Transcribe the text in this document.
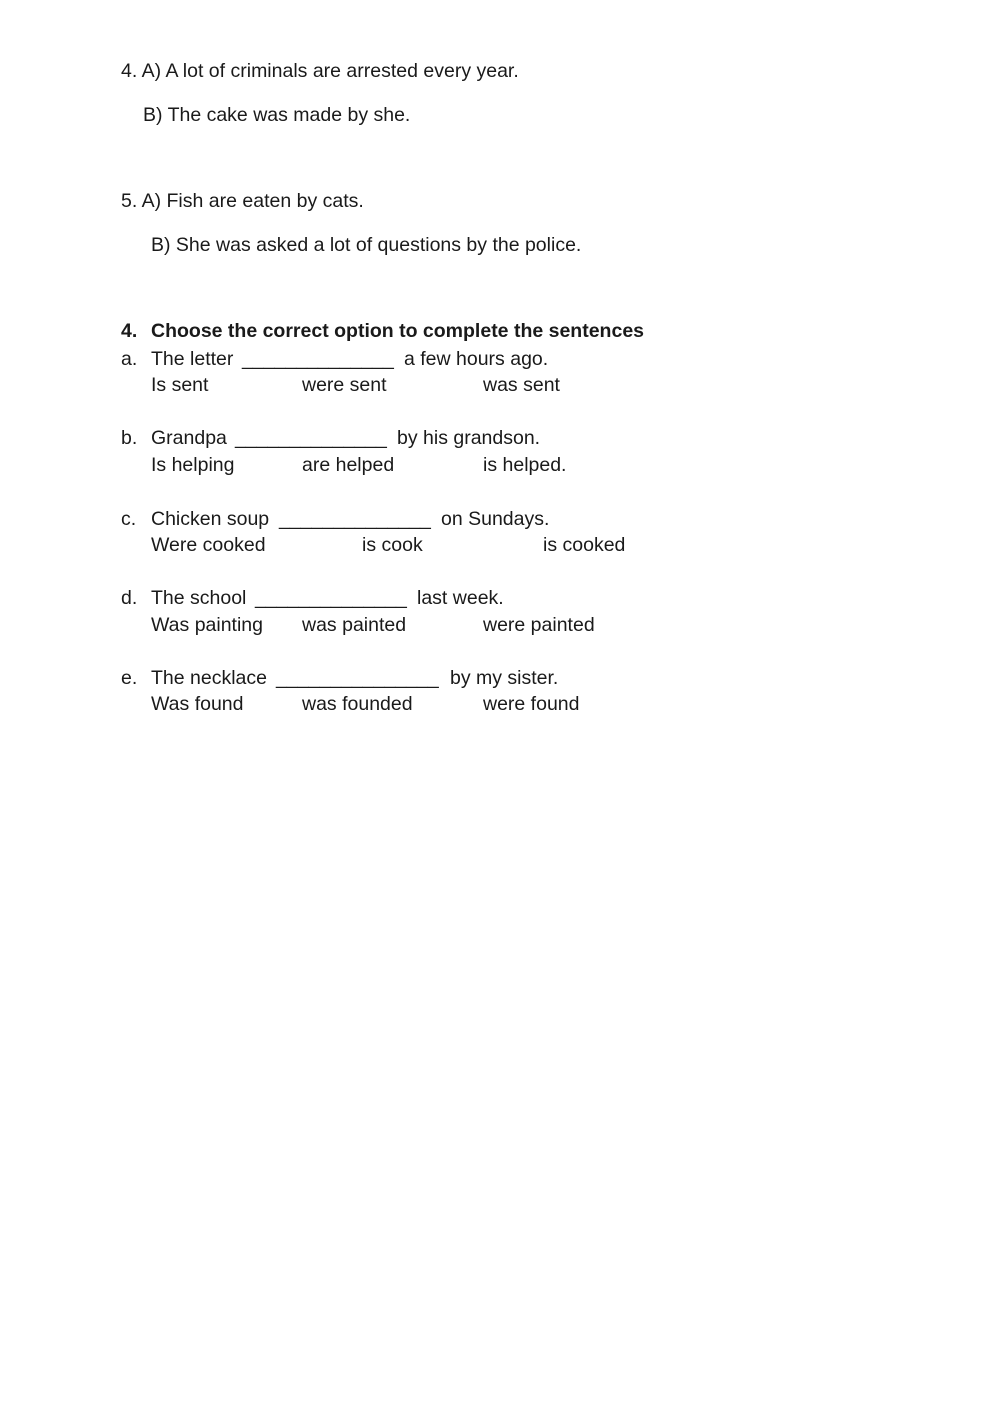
4. A) A lot of criminals are arrested every year.
B) The cake was made by she.
5. A) Fish are eaten by cats.
B) She was asked a lot of questions by the police.
4. Choose the correct option to complete the sentences
a. The letter ______________ a few hours ago.
Is sent	were sent	was sent
b. Grandpa ______________ by his grandson.
Is helping	are helped	is helped.
c. Chicken soup ______________ on Sundays.
Were cooked	is cook	is cooked
d. The school ______________ last week.
Was painting was painted	were painted
e. The necklace _______________ by my sister.
Was found	was founded	were found
